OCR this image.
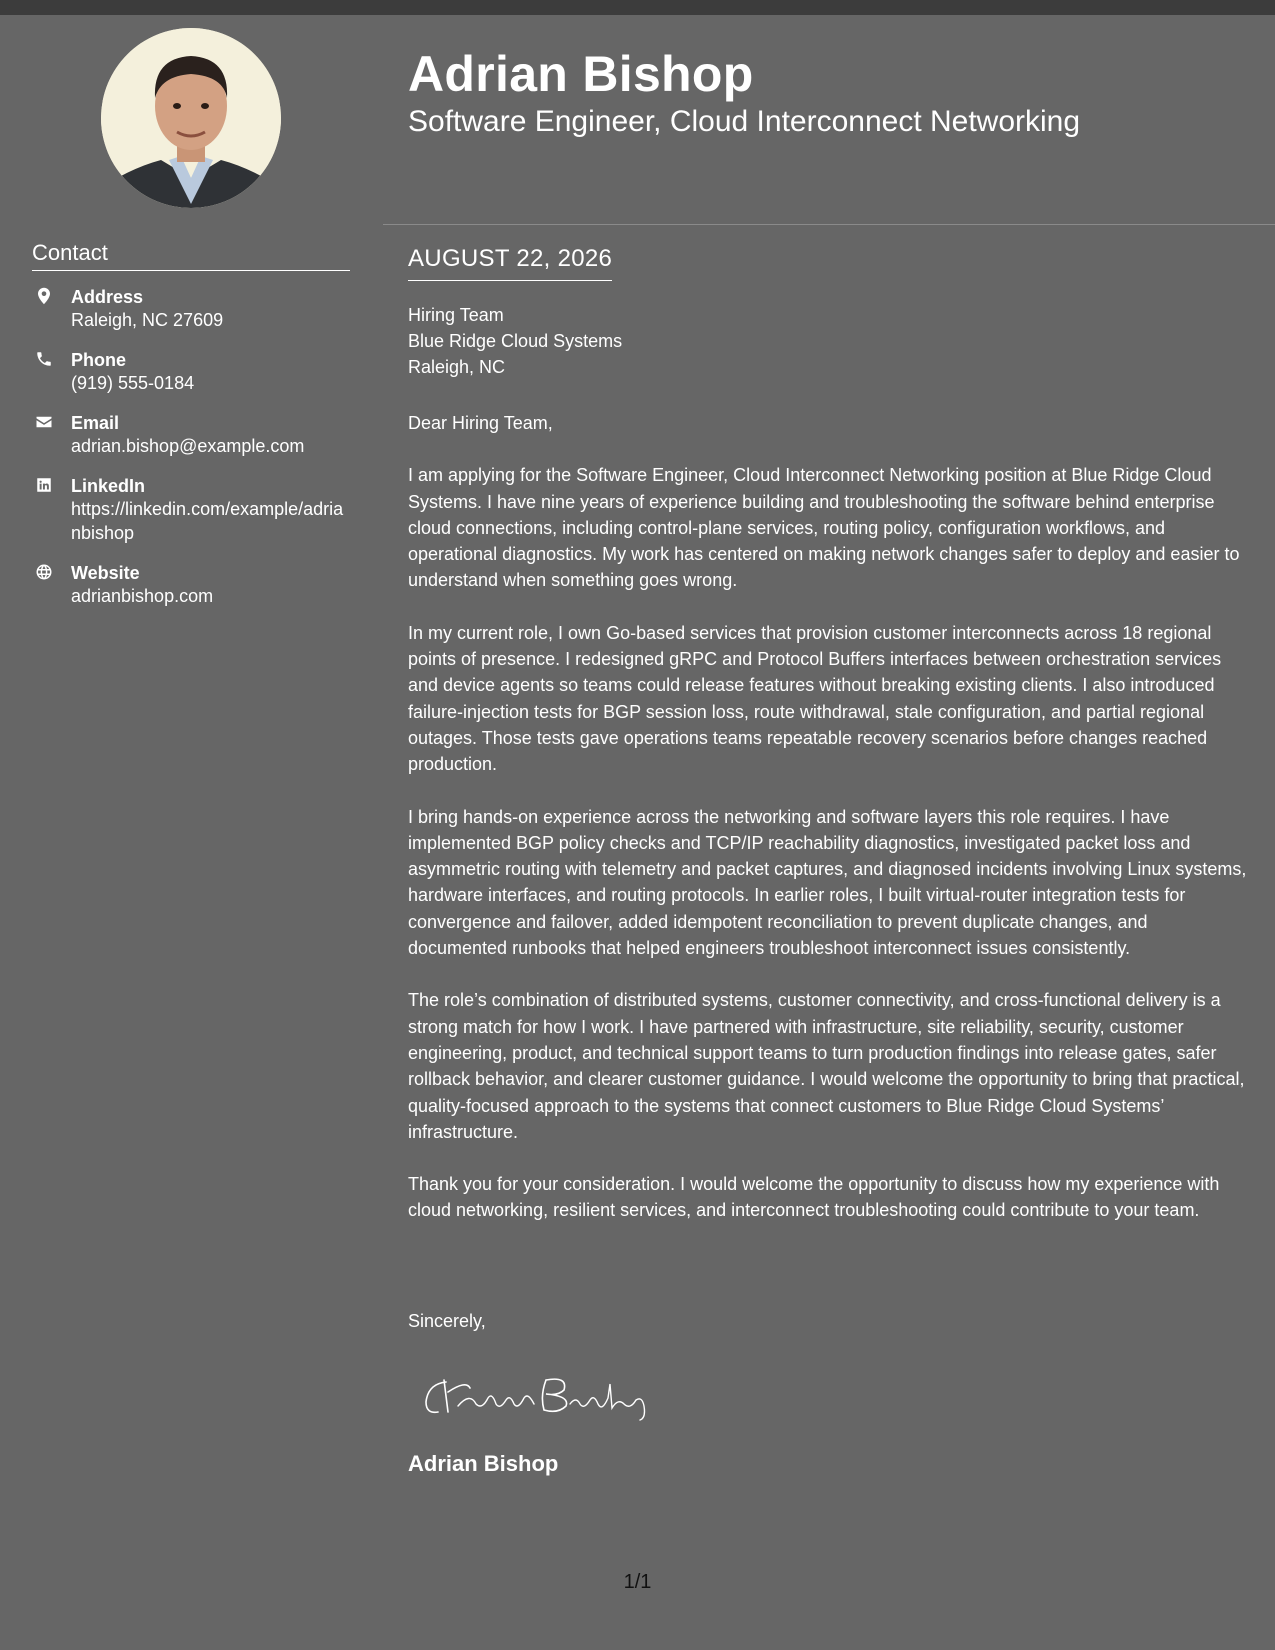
Contact
Address
Raleigh, NC 27609
Phone
(919) 555-0184
Email
adrian.bishop@example.com
LinkedIn
https://linkedin.com/example/adrianbishop
Website
adrianbishop.com
Adrian Bishop
Software Engineer, Cloud Interconnect Networking
AUGUST 22, 2026
Hiring Team
Blue Ridge Cloud Systems
Raleigh, NC

Dear Hiring Team,

I am applying for the Software Engineer, Cloud Interconnect Networking position at Blue Ridge Cloud Systems. I have nine years of experience building and troubleshooting the software behind enterprise cloud connections, including control-plane services, routing policy, configuration workflows, and operational diagnostics. My work has centered on making network changes safer to deploy and easier to understand when something goes wrong.

In my current role, I own Go-based services that provision customer interconnects across 18 regional points of presence. I redesigned gRPC and Protocol Buffers interfaces between orchestration services and device agents so teams could release features without breaking existing clients. I also introduced failure-injection tests for BGP session loss, route withdrawal, stale configuration, and partial regional outages. Those tests gave operations teams repeatable recovery scenarios before changes reached production.

I bring hands-on experience across the networking and software layers this role requires. I have implemented BGP policy checks and TCP/IP reachability diagnostics, investigated packet loss and asymmetric routing with telemetry and packet captures, and diagnosed incidents involving Linux systems, hardware interfaces, and routing protocols. In earlier roles, I built virtual-router integration tests for convergence and failover, added idempotent reconciliation to prevent duplicate changes, and documented runbooks that helped engineers troubleshoot interconnect issues consistently.

The role’s combination of distributed systems, customer connectivity, and cross-functional delivery is a strong match for how I work. I have partnered with infrastructure, site reliability, security, customer engineering, product, and technical support teams to turn production findings into release gates, safer rollback behavior, and clearer customer guidance. I would welcome the opportunity to bring that practical, quality-focused approach to the systems that connect customers to Blue Ridge Cloud Systems’ infrastructure.

Thank you for your consideration. I would welcome the opportunity to discuss how my experience with cloud networking, resilient services, and interconnect troubleshooting could contribute to your team.

Sincerely,
Adrian Bishop
1/1
